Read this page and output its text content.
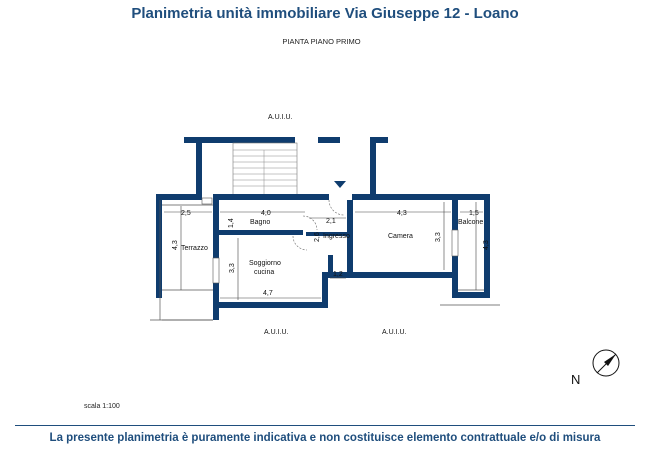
Planimetria unità immobiliare Via Giuseppe 12 - Loano
PIANTA PIANO PRIMO
Terrazzo
Bagno
Ingresso	Camera
Balcone
Soggiorno
cucina
2,5	4,0
2,1
4,3	1,5
4,3
1,4
2,6	3,3
4,3
3,3
4,7
1,2
A.U.I.U.
A.U.I.U.	A.U.I.U.
N
scala 1:100
La presente planimetria è puramente indicativa e non costituisce elemento contrattuale e/o di misura
